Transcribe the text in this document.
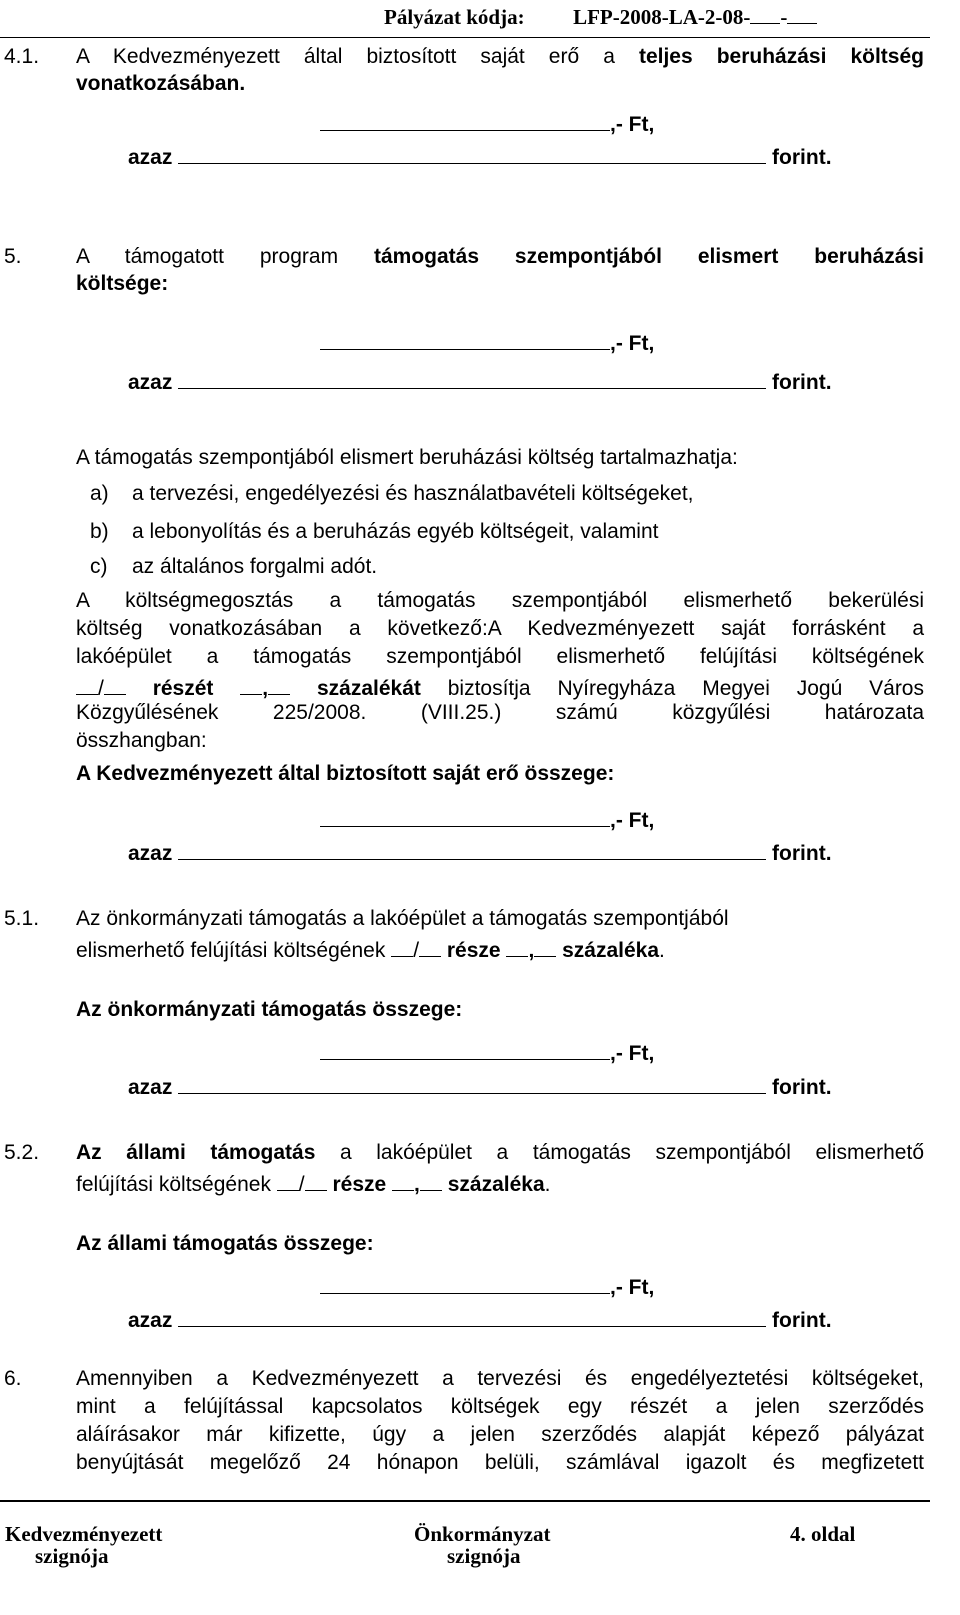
Pályázat kódja: LFP-2008-LA-2-08- -
4.1. A Kedvezményezett által biztosított saját erő a teljes beruházási költség
vonatkozásában.
,- Ft,
azaz	forint.
5.	A támogatott program támogatás szempontjából elismert beruházási
költsége:
,- Ft,
azaz	forint.
A támogatás szempontjából elismert beruházási költség tartalmazhatja:
a) a tervezési, engedélyezési és használatbavételi költségeket,
b) a lebonyolítás és a beruházás egyéb költségeit, valamint
c) az általános forgalmi adót.
A költségmegosztás a támogatás szempontjából elismerhető bekerülési
költség vonatkozásában a következő:A Kedvezményezett saját forrásként a
lakóépület a támogatás szempontjából elismerhető felújítási költségének
/ részét , százalékát biztosítja Nyíregyháza Megyei Jogú Város
Közgyűlésének 225/2008. (VIII.25.) számú közgyűlési határozata
összhangban:
A Kedvezményezett által biztosított saját erő összege:
,- Ft,
azaz	forint.
5.1. Az önkormányzati támogatás a lakóépület a támogatás szempontjából
elismerhető felújítási költségének / része , százaléka.
Az önkormányzati támogatás összege:
,- Ft,
azaz	forint.
5.2. Az állami támogatás a lakóépület a támogatás szempontjából elismerhető
felújítási költségének / része , százaléka.
Az állami támogatás összege:
,- Ft,
azaz	forint.
6.	Amennyiben a Kedvezményezett a tervezési és engedélyeztetési költségeket,
mint a felújítással kapcsolatos költségek egy részét a jelen szerződés
aláírásakor már kifizette, úgy a jelen szerződés alapját képező pályázat
benyújtását megelőző 24 hónapon belüli, számlával igazolt és megfizetett
Kedvezményezett
szignója
Önkormányzat
szignója
4. oldal
